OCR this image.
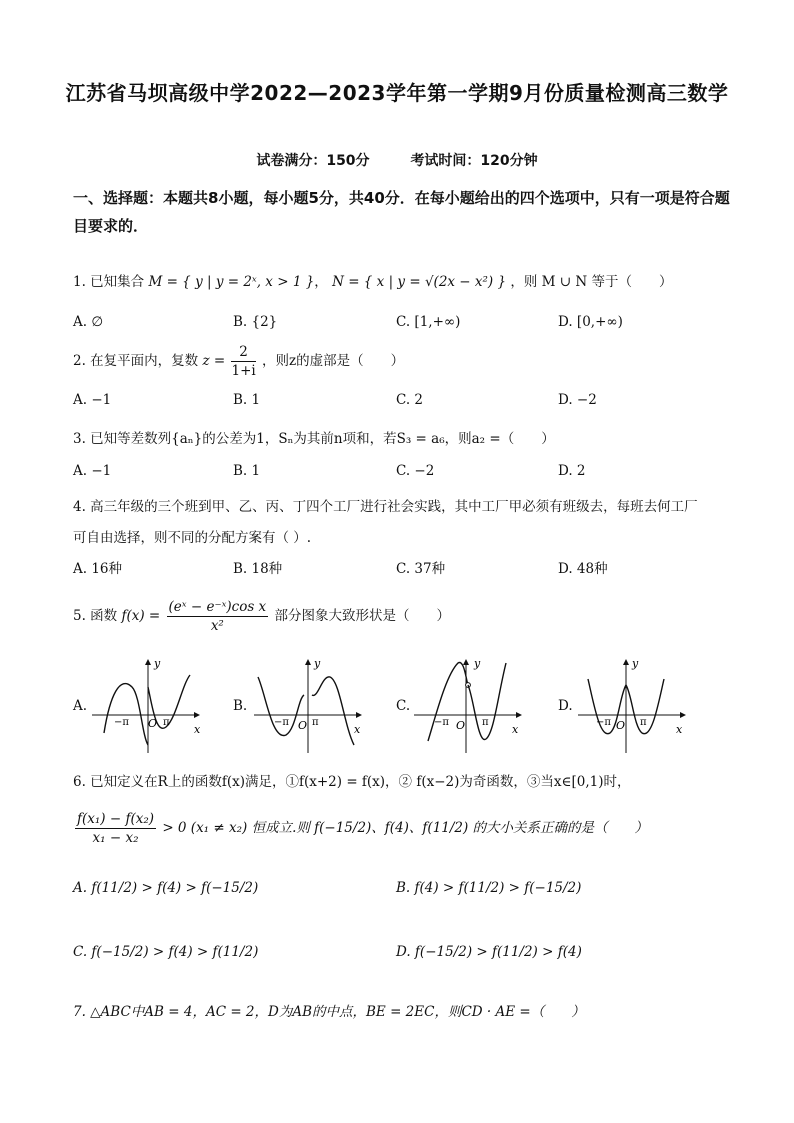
江苏省马坝高级中学2022—2023学年第一学期9月份质量检测高三数学
试卷满分：150分	考试时间：120分钟
一、选择题：本题共8小题，每小题5分，共40分．在每小题给出的四个选项中，只有一项是符合题目要求的．
1. 已知集合 M = { y | y = 2ˣ, x > 1 }， N = { x | y = √(2x − x²) } ，则 M ∪ N 等于（　　）
A. ∅	B. {2}	C. [1,+∞)	D. [0,+∞)
2. 在复平面内，复数 $z = \frac{2}{1+i}$ ，则z的虚部是（　　）
A. −1	B. 1	C. 2	D. −2
3. 已知等差数列{aₙ}的公差为1，Sₙ为其前n项和，若S₃ = a₆，则a₂ =（　　）
A. −1	B. 1	C. −2	D. 2
4. 高三年级的三个班到甲、乙、丙、丁四个工厂进行社会实践，其中工厂甲必须有班级去，每班去何工厂
可自由选择，则不同的分配方案有（ ）.
A. 16种	B. 18种	C. 37种	D. 48种
5. 函数 $f(x) = \frac{\text{(eˣ − e⁻ˣ)cos x}}{\text{x²}}$ 部分图象大致形状是（　　）
A.	B.	C.	D.
y
x
O
−π	π
y
x
O
−π π
y
x
O
−π	π
y
x
O
−π	π
6. 已知定义在R上的函数f(x)满足，①f(x+2) = f(x)，② f(x−2)为奇函数，③当x∈[0,1)时，
$\frac{\text{f(x₁) − f(x₂)}}{\text{x₁ − x₂}} > 0$ (x₁ ≠ x₂) 恒成立.则 f(−15/2)、f(4)、f(11/2) 的大小关系正确的是（　　）
A. f(11/2) > f(4) > f(−15/2)	B. f(4) > f(11/2) > f(−15/2)
C. f(−15/2) > f(4) > f(11/2)	D. f(−15/2) > f(11/2) > f(4)
7. △ABC中AB = 4，AC = 2，D为AB的中点，BE = 2EC，则CD · AE =（　　）
